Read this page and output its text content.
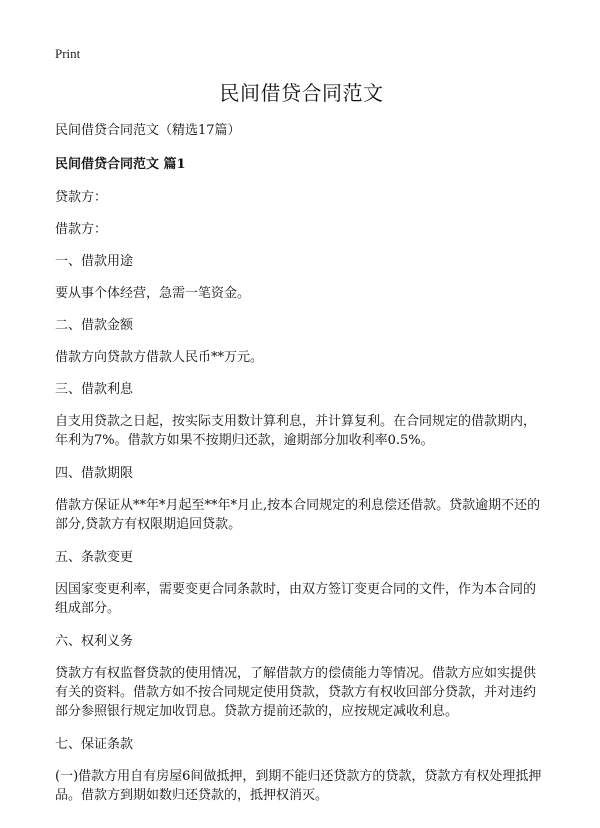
Print
民间借贷合同范文

民间借贷合同范文（精选17篇）

民间借贷合同范文 篇1

贷款方：

借款方：

一、借款用途

要从事个体经营，急需一笔资金。

二、借款金额

借款方向贷款方借款人民币**万元。

三、借款利息

自支用贷款之日起，按实际支用数计算利息，并计算复利。在合同规定的借款期内，年利为7%。借款方如果不按期归还款，逾期部分加收利率0.5%。

四、借款期限

借款方保证从**年*月起至**年*月止,按本合同规定的利息偿还借款。贷款逾期不还的部分,贷款方有权限期追回贷款。

五、条款变更

因国家变更利率，需要变更合同条款时，由双方签订变更合同的文件，作为本合同的组成部分。

六、权利义务

贷款方有权监督贷款的使用情况，了解借款方的偿债能力等情况。借款方应如实提供有关的资料。借款方如不按合同规定使用贷款，贷款方有权收回部分贷款，并对违约部分参照银行规定加收罚息。贷款方提前还款的，应按规定减收利息。

七、保证条款

(一)借款方用自有房屋6间做抵押，到期不能归还贷款方的贷款，贷款方有权处理抵押品。借款方到期如数归还贷款的，抵押权消灭。
